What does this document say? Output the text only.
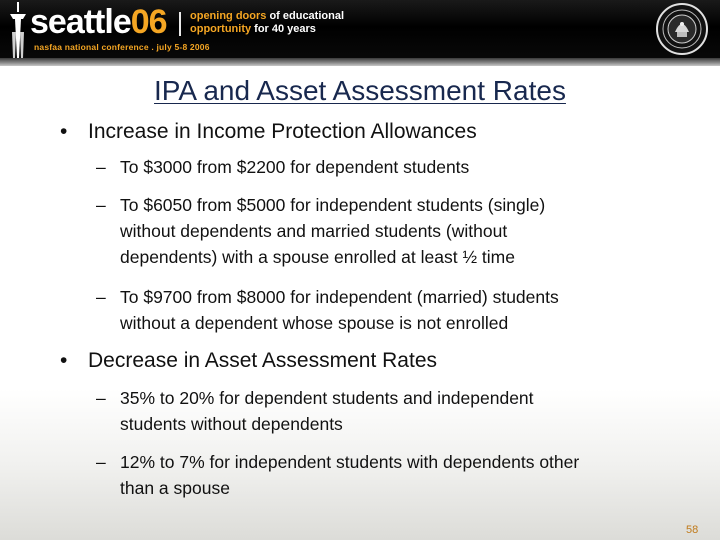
seattle06
nasfaa national conference . july 5-8 2006
opening doors of educational
opportunity for 40 years
IPA and Asset Assessment Rates
• Increase in Income Protection Allowances
– To $3000 from $2200 for dependent students
– To $6050 from $5000 for independent students (single)
without dependents and married students (without
dependents) with a spouse enrolled at least ½ time
– To $9700 from $8000 for independent (married) students
without a dependent whose spouse is not enrolled
• Decrease in Asset Assessment Rates
– 35% to 20% for dependent students and independent
students without dependents
– 12% to 7% for independent students with dependents other
than a spouse
58
